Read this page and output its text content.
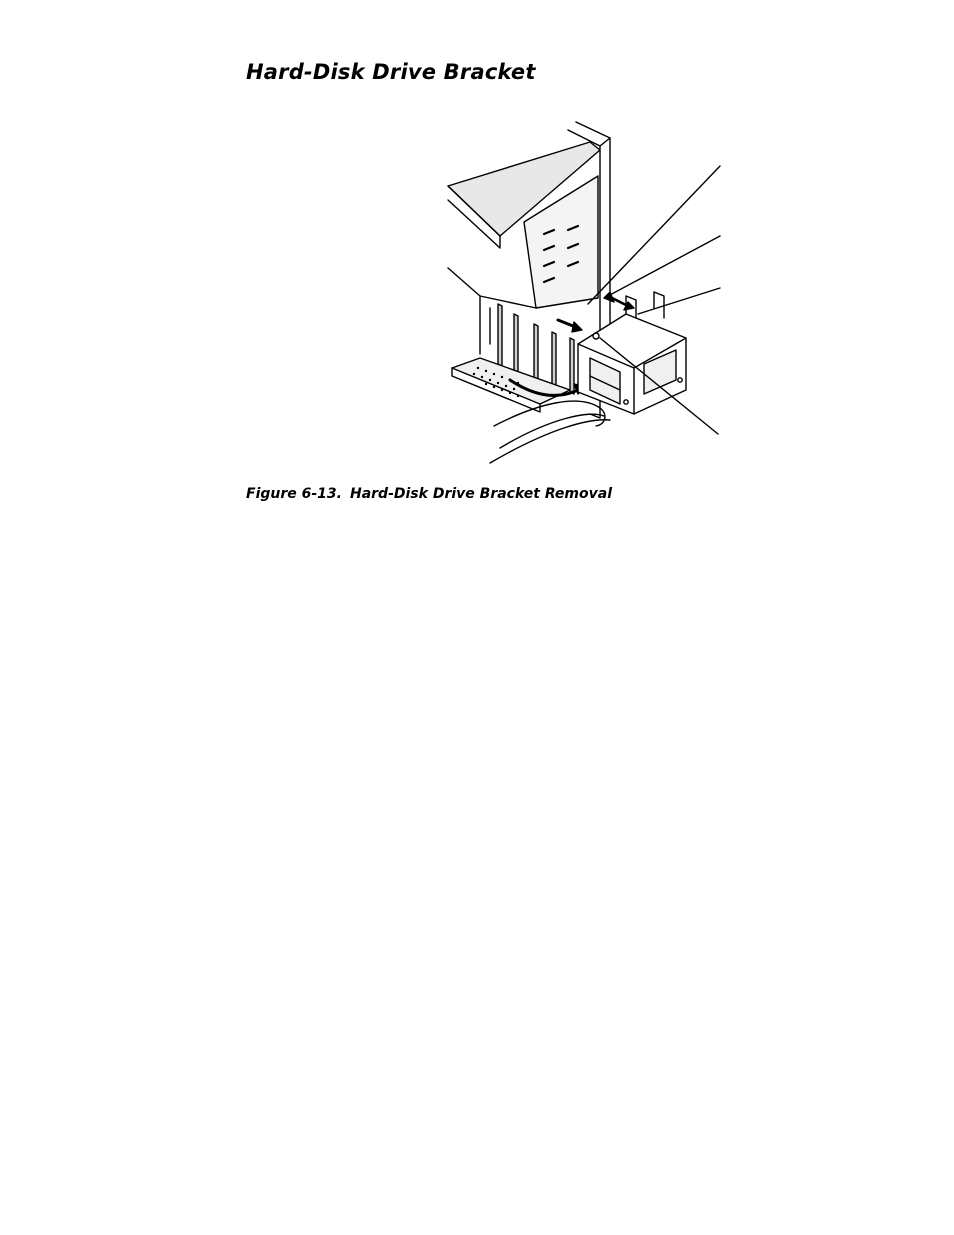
Hard-Disk Drive Bracket

Figure 6-13. Hard-Disk Drive Bracket Removal
